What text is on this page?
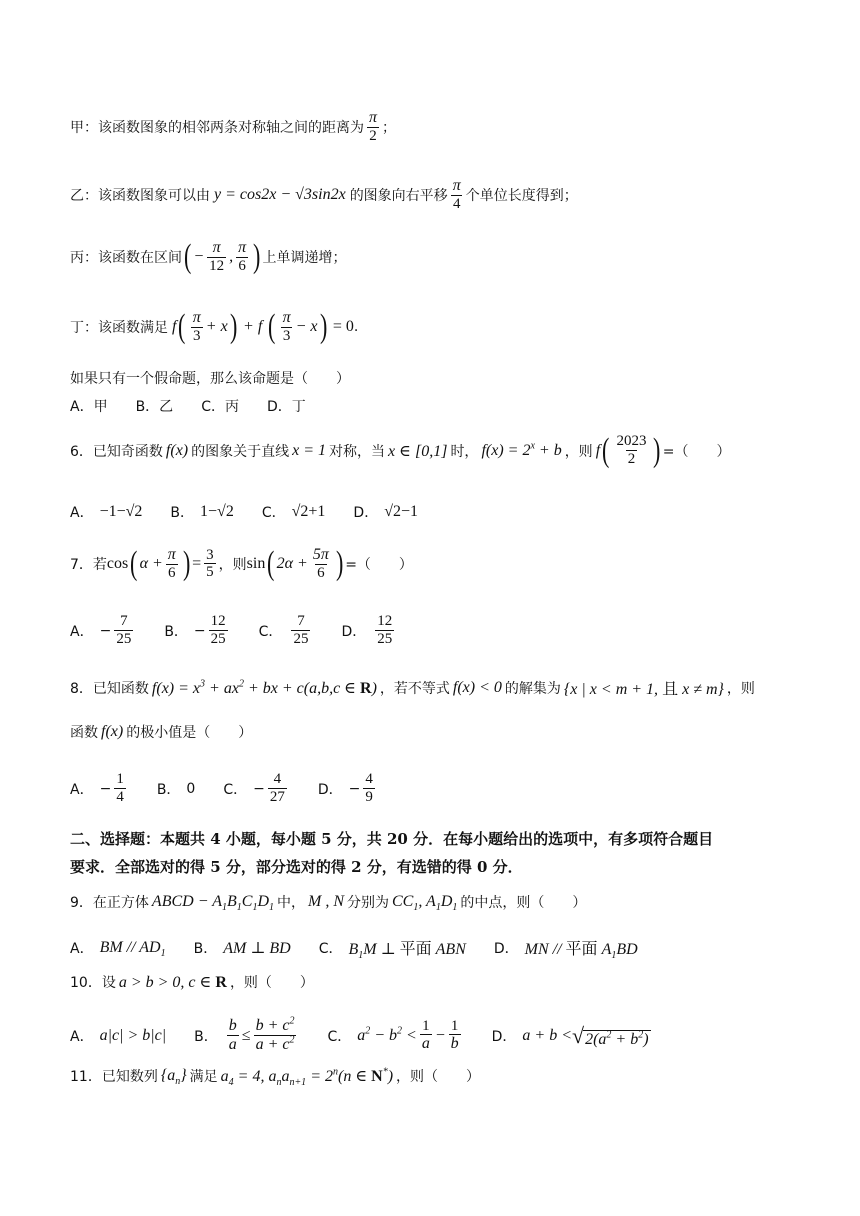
甲：该函数图象的相邻两条对称轴之间的距离为 $\frac{\pi}{2}$ ；
乙：该函数图象可以由 y = cos2x − √3sin2x 的图象向右平移 $\frac{\pi}{4}$ 个单位长度得到；
丙：该函数在区间 ( − $\frac{\pi}{12}$ , $\frac{\pi}{6}$ ) 上单调递增；
丁：该函数满足 f ( $\frac{\pi}{3} + x$ ) + f ( $\frac{\pi}{3} - x$ ) = 0 .
如果只有一个假命题，那么该命题是（　　）
A．甲 B．乙 C．丙 D．丁
6．已知奇函数 f(x) 的图象关于直线 x = 1 对称，当 x ∈ [0,1] 时， $f(x) = 2^x + b$ ，则 f ( $\frac{2023}{2}$ ) =（　　）
A． −1−√2 B． 1−√2 C． √2+1 D． √2−1
7．若 cos ( $\alpha + \frac{\pi}{6}$ ) = $\frac{3}{5}$ ，则 sin ( $2\alpha + \frac{5\pi}{6}$ ) =（　　）
A． − $\frac{7}{25}$ B． − $\frac{12}{25}$ C． $\frac{7}{25}$ D． $\frac{12}{25}$
8．已知函数 $f(x) = x^3 + ax^2$ + bx + c(a,b,c ∈ R) ，若不等式 f(x) < 0 的解集为 {x | x < m + 1, 且 x ≠ m} ，则
函数 f(x) 的极小值是（　　）
A． − $\frac{1}{4}$ B． 0 C． − $\frac{4}{27}$ D． − $\frac{4}{9}$
二、选择题：本题共 4 小题，每小题 5 分，共 20 分．在每小题给出的选项中，有多项符合题目
要求．全部选对的得 5 分，部分选对的得 2 分，有选错的得 0 分．
9．在正方体 ABCD − $A_1B_1C_1D_1$ 中， M , N 分别为 $CC_1$, $A_1D_1$ 的中点，则（　　）
A． BM // $AD_1$ B． AM ⊥ BD C． $B_1M$ ⊥ 平面 ABN D． MN // 平面 $A_1BD$
10．设 a > b > 0, c ∈ R ，则（　　）
A． a|c| > b|c| B． $\frac{b}{a} \le \frac{b + c^2}{a + c^2}$ C． $a^2 - b^2 < \frac{1}{a} - \frac{1}{b}$ D． a + b < √ $2(a^2 + b^2)$
11．已知数列 $\{a_n\}$ 满足 $a_4 = 4$, $a_na_{n+1} = 2^n(n$ ∈ N*) ，则（　　）
